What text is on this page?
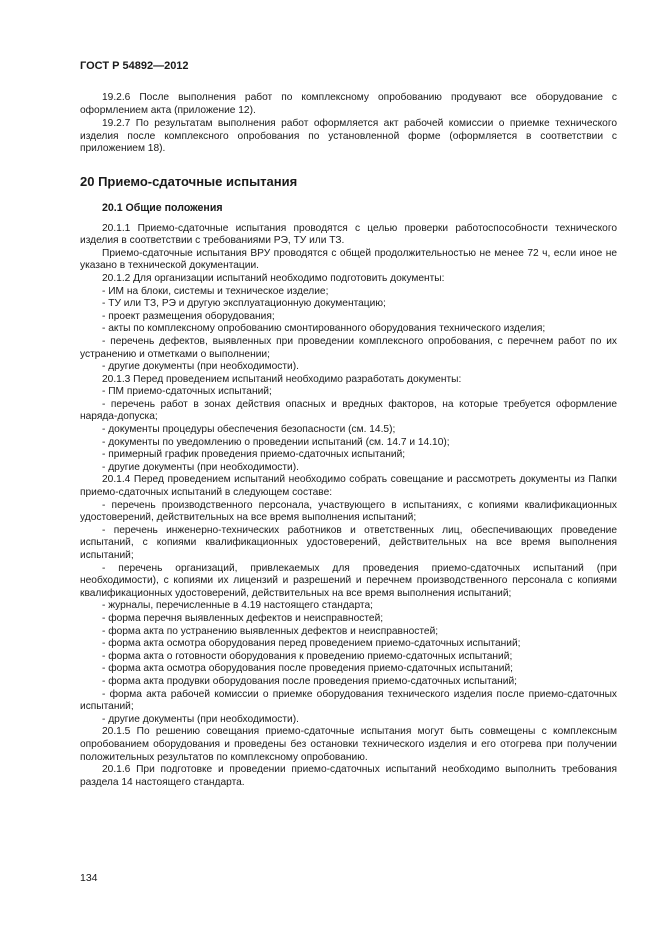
ГОСТ Р 54892—2012

19.2.6 После выполнения работ по комплексному опробованию продувают все оборудование с оформлением акта (приложение 12).

19.2.7 По результатам выполнения работ оформляется акт рабочей комиссии о приемке технического изделия после комплексного опробования по установленной форме (оформляется в соответствии с приложением 18).

20 Приемо-сдаточные испытания
20.1 Общие положения

20.1.1 Приемо-сдаточные испытания проводятся с целью проверки работоспособности технического изделия в соответствии с требованиями РЭ, ТУ или ТЗ.

Приемо-сдаточные испытания ВРУ проводятся с общей продолжительностью не менее 72 ч, если иное не указано в технической документации.

20.1.2 Для организации испытаний необходимо подготовить документы:

- ИМ на блоки, системы и техническое изделие;

- ТУ или ТЗ, РЭ и другую эксплуатационную документацию;

- проект размещения оборудования;

- акты по комплексному опробованию смонтированного оборудования технического изделия;

- перечень дефектов, выявленных при проведении комплексного опробования, с перечнем работ по их устранению и отметками о выполнении;

- другие документы (при необходимости).

20.1.3 Перед проведением испытаний необходимо разработать документы:

- ПМ приемо-сдаточных испытаний;

- перечень работ в зонах действия опасных и вредных факторов, на которые требуется оформление наряда-допуска;

- документы процедуры обеспечения безопасности (см. 14.5);

- документы по уведомлению о проведении испытаний (см. 14.7 и 14.10);

- примерный график проведения приемо-сдаточных испытаний;

- другие документы (при необходимости).

20.1.4 Перед проведением испытаний необходимо собрать совещание и рассмотреть документы из Папки приемо-сдаточных испытаний в следующем составе:

- перечень производственного персонала, участвующего в испытаниях, с копиями квалификационных удостоверений, действительных на все время выполнения испытаний;

- перечень инженерно-технических работников и ответственных лиц, обеспечивающих проведение испытаний, с копиями квалификационных удостоверений, действительных на все время выполнения испытаний;

- перечень организаций, привлекаемых для проведения приемо-сдаточных испытаний (при необходимости), с копиями их лицензий и разрешений и перечнем производственного персонала с копиями квалификационных удостоверений, действительных на все время выполнения испытаний;

- журналы, перечисленные в 4.19 настоящего стандарта;

- форма перечня выявленных дефектов и неисправностей;

- форма акта по устранению выявленных дефектов и неисправностей;

- форма акта осмотра оборудования перед проведением приемо-сдаточных испытаний;

- форма акта о готовности оборудования к проведению приемо-сдаточных испытаний;

- форма акта осмотра оборудования после проведения приемо-сдаточных испытаний;

- форма акта продувки оборудования после проведения приемо-сдаточных испытаний;

- форма акта рабочей комиссии о приемке оборудования технического изделия после приемо-сдаточных испытаний;

- другие документы (при необходимости).

20.1.5 По решению совещания приемо-сдаточные испытания могут быть совмещены с комплексным опробованием оборудования и проведены без остановки технического изделия и его отогрева при получении положительных результатов по комплексному опробованию.

20.1.6 При подготовке и проведении приемо-сдаточных испытаний необходимо выполнить требования раздела 14 настоящего стандарта.

134
